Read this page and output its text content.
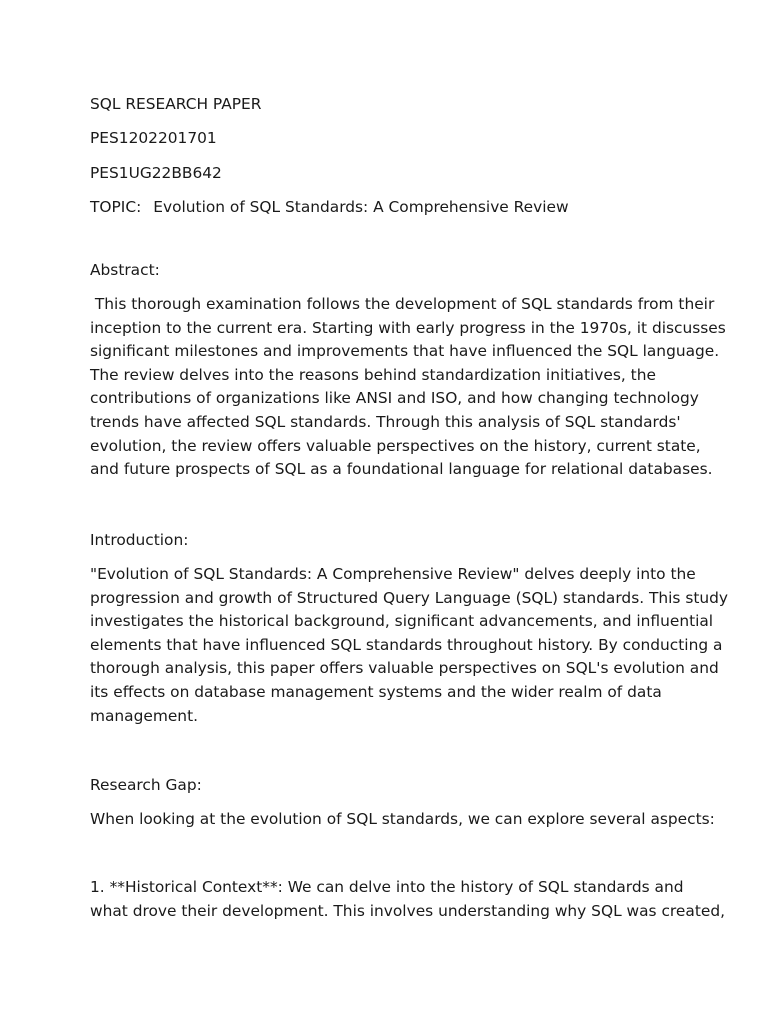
SQL RESEARCH PAPER

PES1202201701

PES1UG22BB642

TOPIC: Evolution of SQL Standards: A Comprehensive Review

Abstract:

This thorough examination follows the development of SQL standards from their
inception to the current era. Starting with early progress in the 1970s, it discusses
significant milestones and improvements that have influenced the SQL language.
The review delves into the reasons behind standardization initiatives, the
contributions of organizations like ANSI and ISO, and how changing technology
trends have affected SQL standards. Through this analysis of SQL standards'
evolution, the review offers valuable perspectives on the history, current state,
and future prospects of SQL as a foundational language for relational databases.

Introduction:

"Evolution of SQL Standards: A Comprehensive Review" delves deeply into the
progression and growth of Structured Query Language (SQL) standards. This study
investigates the historical background, significant advancements, and influential
elements that have influenced SQL standards throughout history. By conducting a
thorough analysis, this paper offers valuable perspectives on SQL's evolution and
its effects on database management systems and the wider realm of data
management.

Research Gap:

When looking at the evolution of SQL standards, we can explore several aspects:

1. **Historical Context**: We can delve into the history of SQL standards and
what drove their development. This involves understanding why SQL was created,
